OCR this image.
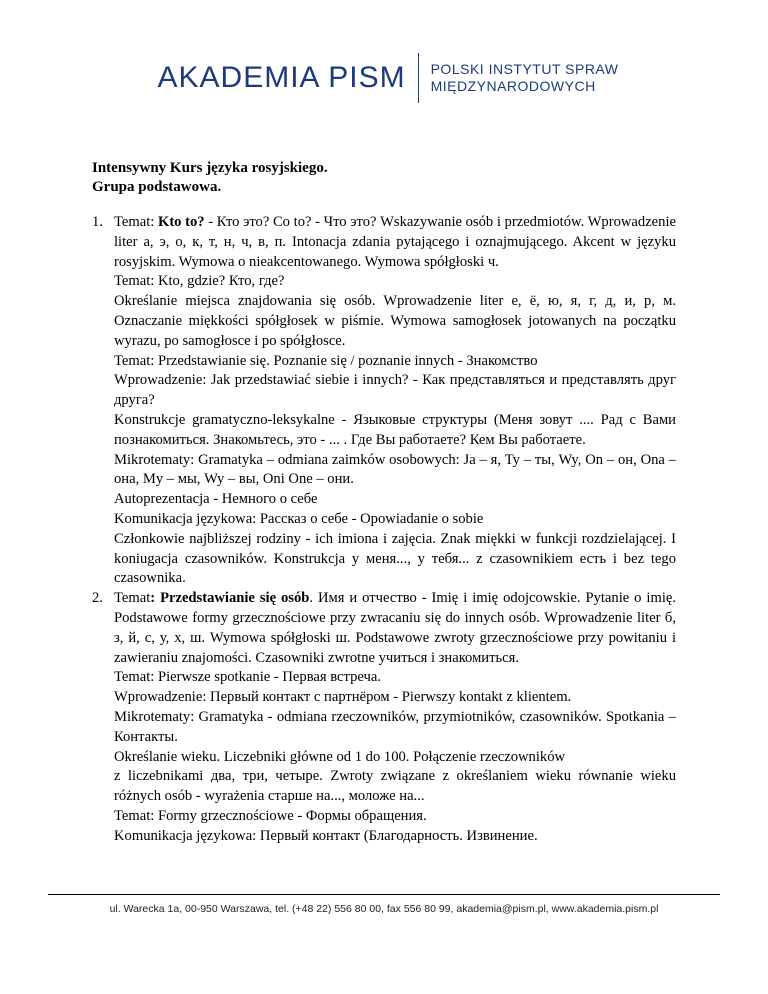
AKADEMIA PISM	POLSKI INSTYTUT SPRAW
MIĘDZYNARODOWYCH
Intensywny Kurs języka rosyjskiego.
Grupa podstawowa.
1. Temat: Kto to? - Кто это? Co to? - Что это? Wskazywanie osób i przedmiotów. Wprowadzenie liter а, э, о, к, т, н, ч, в, п. Intonacja zdania pytającego i oznajmującego. Akcent w języku rosyjskim. Wymowa o nieakcentowanego. Wymowa spółgłoski ч.

Temat: Kto, gdzie? Кто, где?

Określanie miejsca znajdowania się osób. Wprowadzenie liter е, ё, ю, я, г, д, и, р, м. Oznaczanie miękkości spółgłosek w piśmie. Wymowa samogłosek jotowanych na początku wyrazu, po samogłosce i po spółgłosce.

Temat: Przedstawianie się. Poznanie się / poznanie innych - Знакомство

Wprowadzenie: Jak przedstawiać siebie i innych? - Как представляться и представлять друг друга?

Konstrukcje gramatyczno-leksykalne - Языковые структуры (Меня зовут .... Рад с Вами познакомиться. Знакомьтесь, это - ... . Где Вы работаете? Кем Вы работаете.

Mikrotematy: Gramatyka – odmiana zaimków osobowych: Ja – я, Ty – ты, Wy, On – он, Ona – она, My – мы, Wy – вы, Oni One – они.

Autoprezentacja - Немного о себе

Komunikacja językowa: Рассказ о себе - Opowiadanie o sobie

Członkowie najbliższej rodziny - ich imiona i zajęcia. Znak miękki w funkcji rozdzielającej. I koniugacja czasowników. Konstrukcja у меня..., у тебя... z czasownikiem есть i bez tego czasownika.

2. Temat: Przedstawianie się osób. Имя и отчество - Imię i imię odojcowskie. Pytanie o imię. Podstawowe formy grzecznościowe przy zwracaniu się do innych osób. Wprowadzenie liter б, з, й, с, у, х, ш. Wymowa spółgłoski ш. Podstawowe zwroty grzecznościowe przy powitaniu i zawieraniu znajomości. Czasowniki zwrotne учиться i знакомиться.

Temat: Pierwsze spotkanie - Первая встреча.

Wprowadzenie: Первый контакт с партнёром - Pierwszy kontakt z klientem.

Mikrotematy: Gramatyka - odmiana rzeczowników, przymiotników, czasowników. Spotkania – Контакты.

Określanie wieku. Liczebniki główne od 1 do 100. Połączenie rzeczowników

z liczebnikami два, три, четыре. Zwroty związane z określaniem wieku równanie wieku różnych osób - wyrażenia старше на..., моложе на...

Temat: Formy grzecznościowe - Формы обращения.

Komunikacja językowa: Первый контакт (Благодарность. Извинение.

ul. Warecka 1a, 00-950 Warszawa, tel. (+48 22) 556 80 00, fax 556 80 99, akademia@pism.pl, www.akademia.pism.pl
